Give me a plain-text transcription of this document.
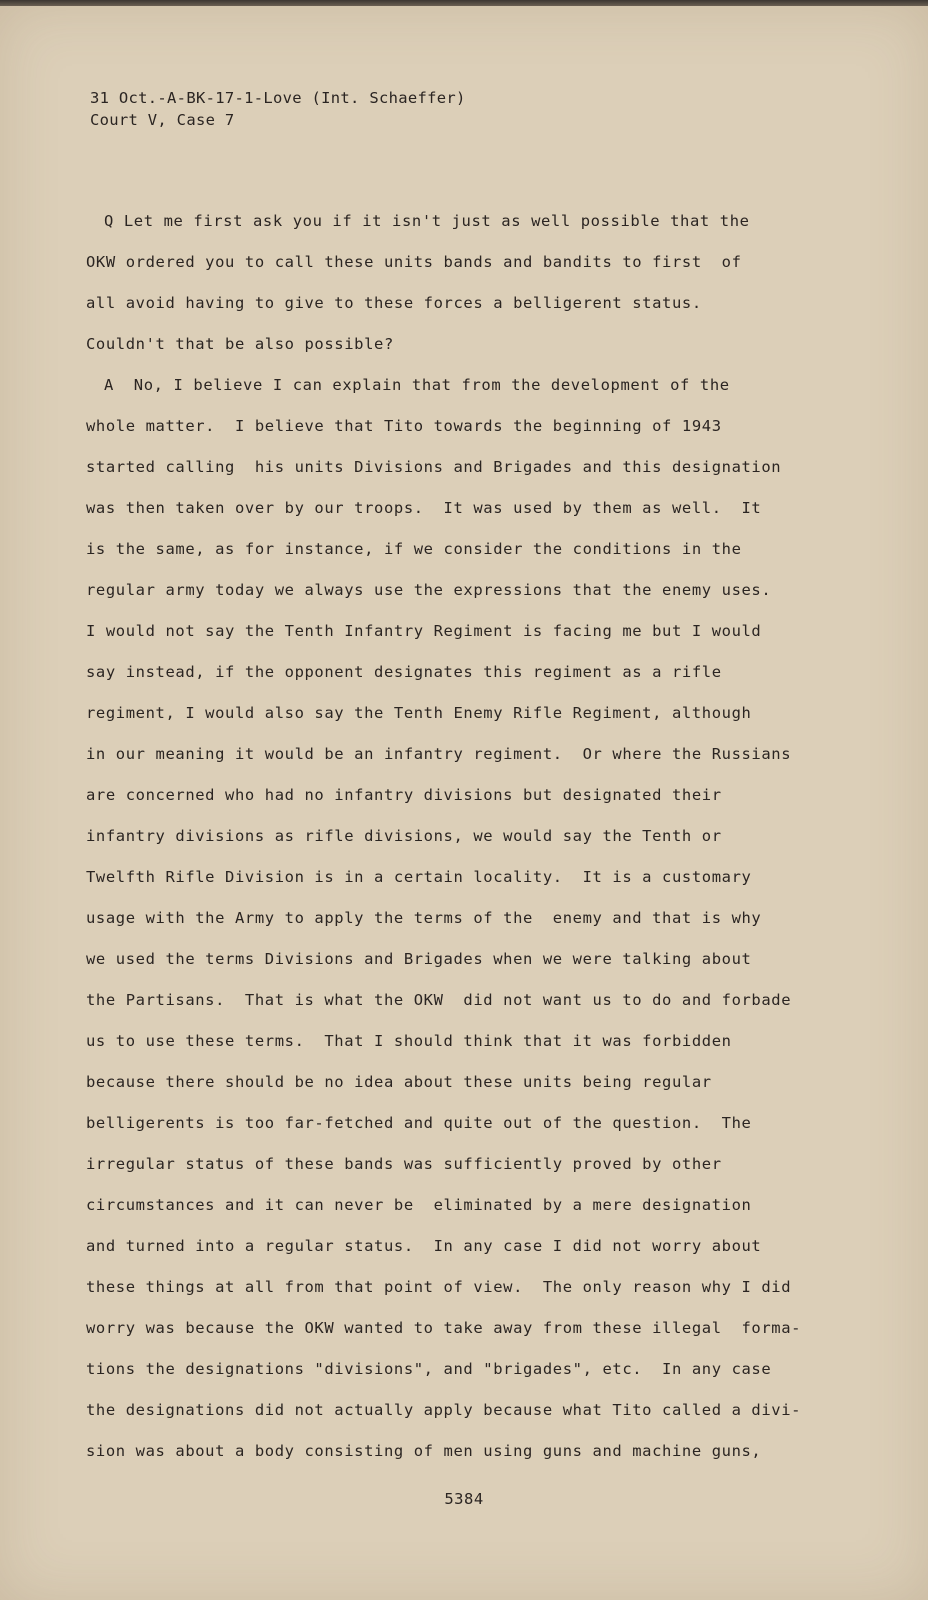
31 Oct.-A-BK-17-1-Love (Int. Schaeffer)
Court V, Case 7
Q Let me first ask you if it isn't just as well possible that the
OKW ordered you to call these units bands and bandits to first  of
all avoid having to give to these forces a belligerent status.
Couldn't that be also possible?
A  No, I believe I can explain that from the development of the
whole matter.  I believe that Tito towards the beginning of 1943
started calling  his units Divisions and Brigades and this designation
was then taken over by our troops.  It was used by them as well.  It
is the same, as for instance, if we consider the conditions in the
regular army today we always use the expressions that the enemy uses.
I would not say the Tenth Infantry Regiment is facing me but I would
say instead, if the opponent designates this regiment as a rifle
regiment, I would also say the Tenth Enemy Rifle Regiment, although
in our meaning it would be an infantry regiment.  Or where the Russians
are concerned who had no infantry divisions but designated their
infantry divisions as rifle divisions, we would say the Tenth or
Twelfth Rifle Division is in a certain locality.  It is a customary
usage with the Army to apply the terms of the  enemy and that is why
we used the terms Divisions and Brigades when we were talking about
the Partisans.  That is what the OKW  did not want us to do and forbade
us to use these terms.  That I should think that it was forbidden
because there should be no idea about these units being regular
belligerents is too far-fetched and quite out of the question.  The
irregular status of these bands was sufficiently proved by other
circumstances and it can never be  eliminated by a mere designation
and turned into a regular status.  In any case I did not worry about
these things at all from that point of view.  The only reason why I did
worry was because the OKW wanted to take away from these illegal  forma-
tions the designations "divisions", and "brigades", etc.  In any case
the designations did not actually apply because what Tito called a divi-
sion was about a body consisting of men using guns and machine guns,
5384
